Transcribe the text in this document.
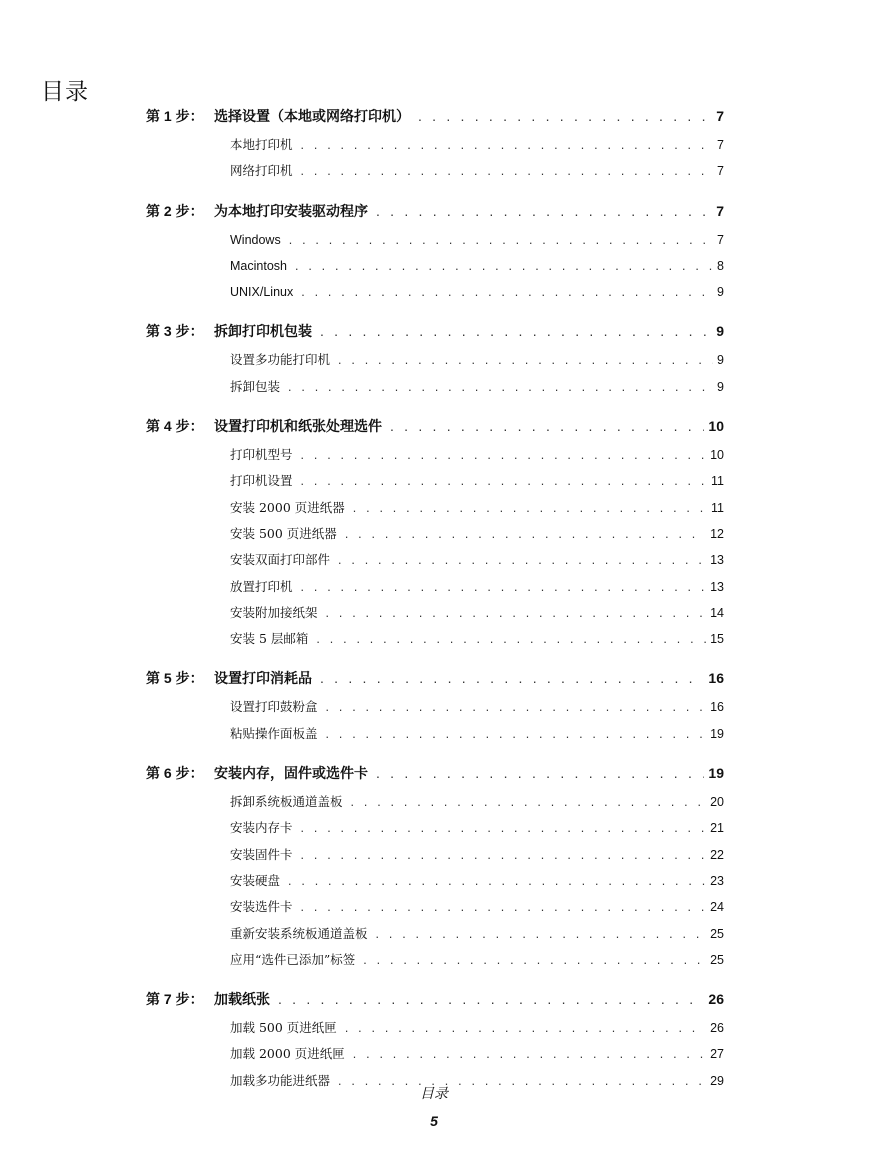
目录
第 1 步： 选择设置（本地或网络打印机） . . .	7
本地打印机 . . .	7
网络打印机 . . .	7
第 2 步： 为本地打印安装驱动程序 . . .	7
Windows . . .	7
Macintosh . . .	8
UNIX/Linux . . .	9
第 3 步： 拆卸打印机包装 . . .	9
设置多功能打印机 . . .	9
拆卸包装 . . .	9
第 4 步： 设置打印机和纸张处理选件 . . .	10
打印机型号 . . .	10
打印机设置 . . .	11
安装 2000 页进纸器 . . .	11
安装 500 页进纸器 . . .	12
安装双面打印部件 . . .	13
放置打印机 . . .	13
安装附加接纸架 . . .	14
安装 5 层邮箱 . . .	15
第 5 步： 设置打印消耗品 . . .	16
设置打印鼓粉盒 . . .	16
粘贴操作面板盖 . . .	19
第 6 步： 安装内存，固件或选件卡 . . .	19
拆卸系统板通道盖板 . . .	20
安装内存卡 . . .	21
安装固件卡 . . .	22
安装硬盘 . . .	23
安装选件卡 . . .	24
重新安装系统板通道盖板 . . .	25
应用“选件已添加”标签 . . .	25
第 7 步： 加载纸张 . . .	26
加载 500 页进纸匣 . . .	26
加载 2000 页进纸匣 . . .	27
加载多功能进纸器 . . .	29
目录
5
